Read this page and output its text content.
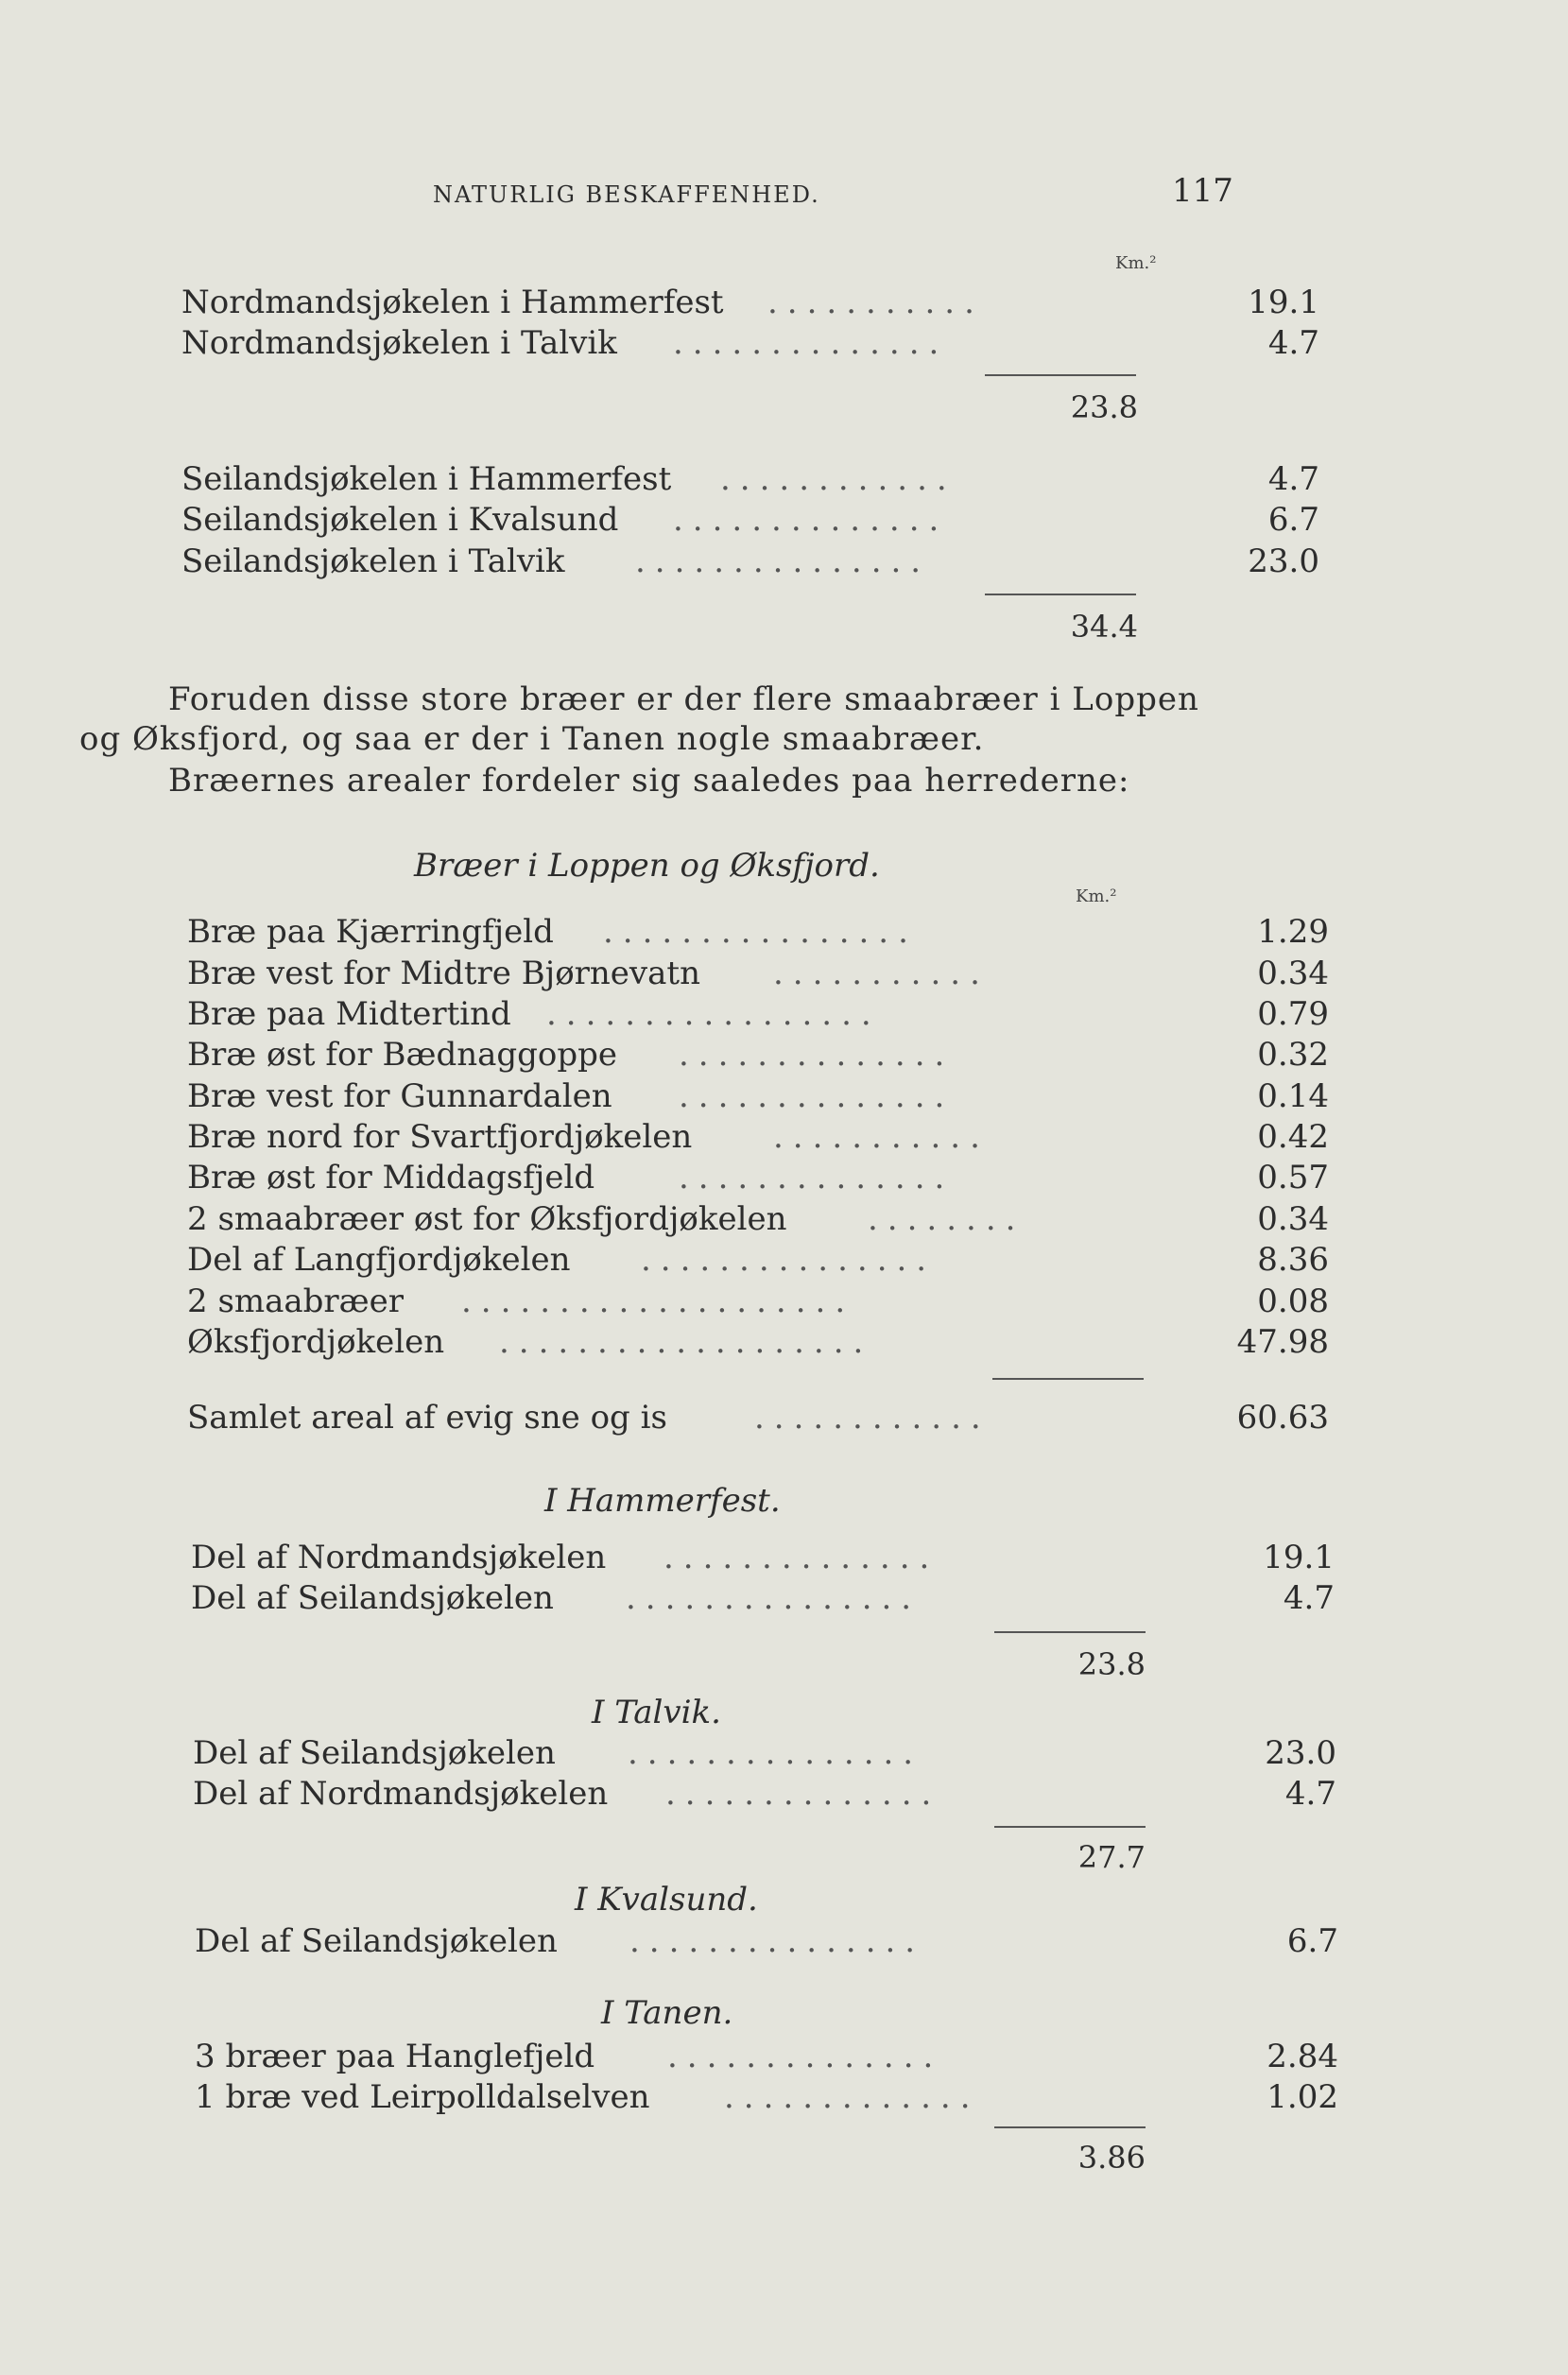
NATURLIG BESKAFFENHED.	117
Km.²
Nordmandsjøkelen i Hammerfest ...........	19.1
Nordmandsjøkelen i Talvik ..............	4.7
23.8
Seilandsjøkelen i Hammerfest ............	4.7
Seilandsjøkelen i Kvalsund ..............	6.7
Seilandsjøkelen i Talvik ...............	23.0
34.4
Foruden disse store bræer er der flere smaabræer i Loppen
og Øksfjord, og saa er der i Tanen nogle smaabræer.
Bræernes arealer fordeler sig saaledes paa herrederne:
Bræer i Loppen og Øksfjord.
Km.²
Bræ paa Kjærringfjeld ................	1.29
Bræ vest for Midtre Bjørnevatn ...........	0.34
Bræ paa Midtertind .................	0.79
Bræ øst for Bædnaggoppe ..............	0.32
Bræ vest for Gunnardalen ..............	0.14
Bræ nord for Svartfjordjøkelen	...........	0.42
Bræ øst for Middagsfjeld	..............	0.57
2 smaabræer øst for Øksfjordjøkelen	........	0.34
Del af Langfjordjøkelen ...............	8.36
2 smaabræer ....................	0.08
Øksfjordjøkelen ...................	47.98
Samlet areal af evig sne og is	............	60.63
I Hammerfest.
Del af Nordmandsjøkelen ..............	19.1
Del af Seilandsjøkelen ...............	4.7
23.8
I Talvik.
Del af Seilandsjøkelen ...............	23.0
Del af Nordmandsjøkelen ..............	4.7
27.7
I Kvalsund.
Del af Seilandsjøkelen ...............	6.7
I Tanen.
3 bræer paa Hanglefjeld ..............	2.84
1 bræ ved Leirpolldalselven .............	1.02
3.86
